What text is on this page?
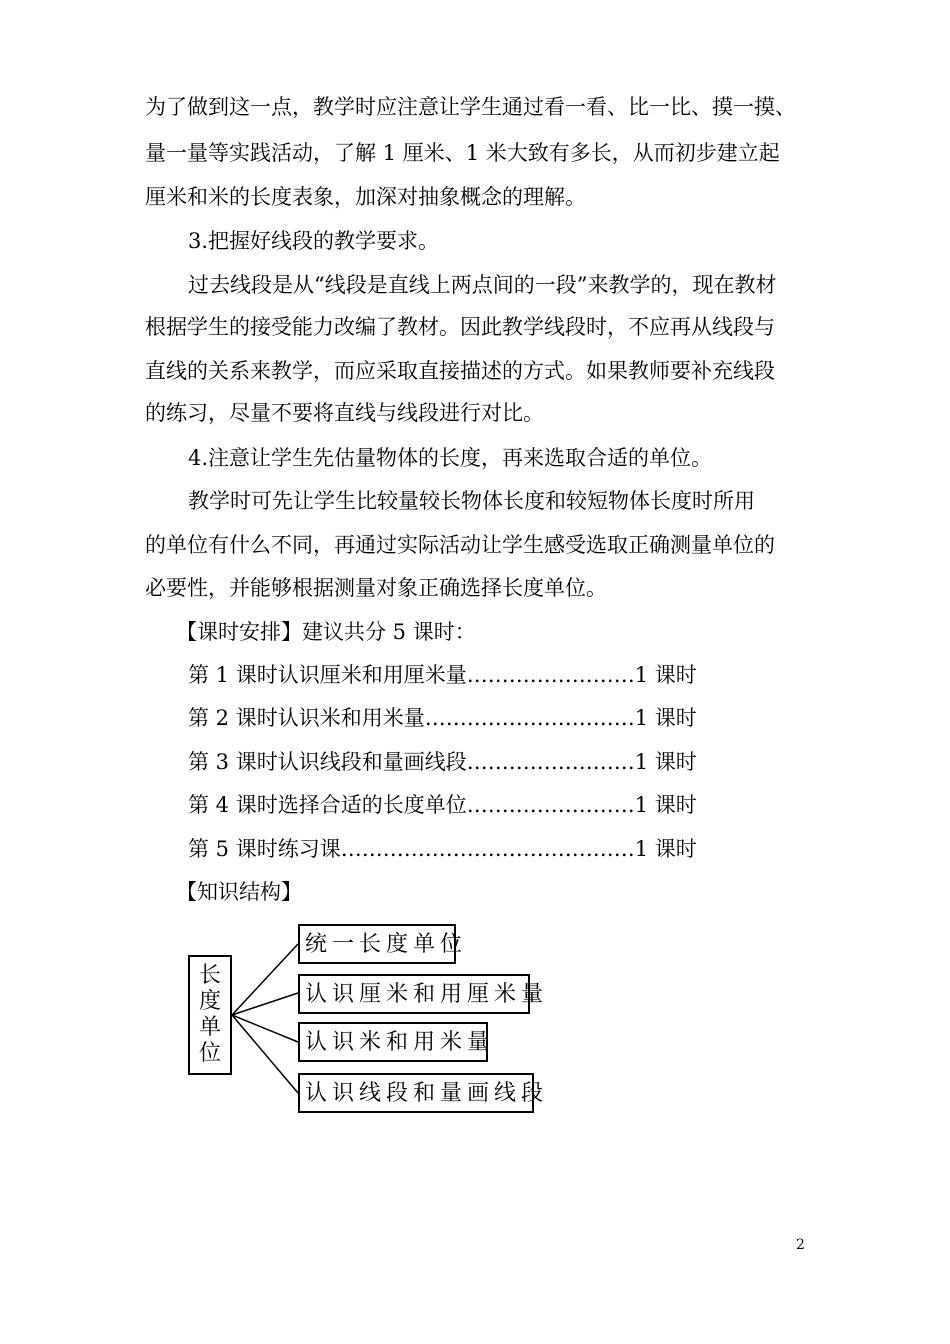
为了做到这一点，教学时应注意让学生通过看一看、比一比、摸一摸、
量一量等实践活动，了解 1 厘米、1 米大致有多长，从而初步建立起
厘米和米的长度表象，加深对抽象概念的理解。
3.把握好线段的教学要求。
过去线段是从“线段是直线上两点间的一段”来教学的，现在教材
根据学生的接受能力改编了教材。因此教学线段时，不应再从线段与
直线的关系来教学，而应采取直接描述的方式。如果教师要补充线段
的练习，尽量不要将直线与线段进行对比。
4.注意让学生先估量物体的长度，再来选取合适的单位。
教学时可先让学生比较量较长物体长度和较短物体长度时所用
的单位有什么不同，再通过实际活动让学生感受选取正确测量单位的
必要性，并能够根据测量对象正确选择长度单位。
【课时安排】建议共分 5 课时：
第 1 课时认识厘米和用厘米量……………………1 课时
第 2 课时认识米和用米量…………………………1 课时
第 3 课时认识线段和量画线段……………………1 课时
第 4 课时选择合适的长度单位……………………1 课时
第 5 课时练习课……………………………………1 课时
【知识结构】
长
度
单
位
统一长度单位
认识厘米和用厘米量
认识米和用米量
认识线段和量画线段
2
